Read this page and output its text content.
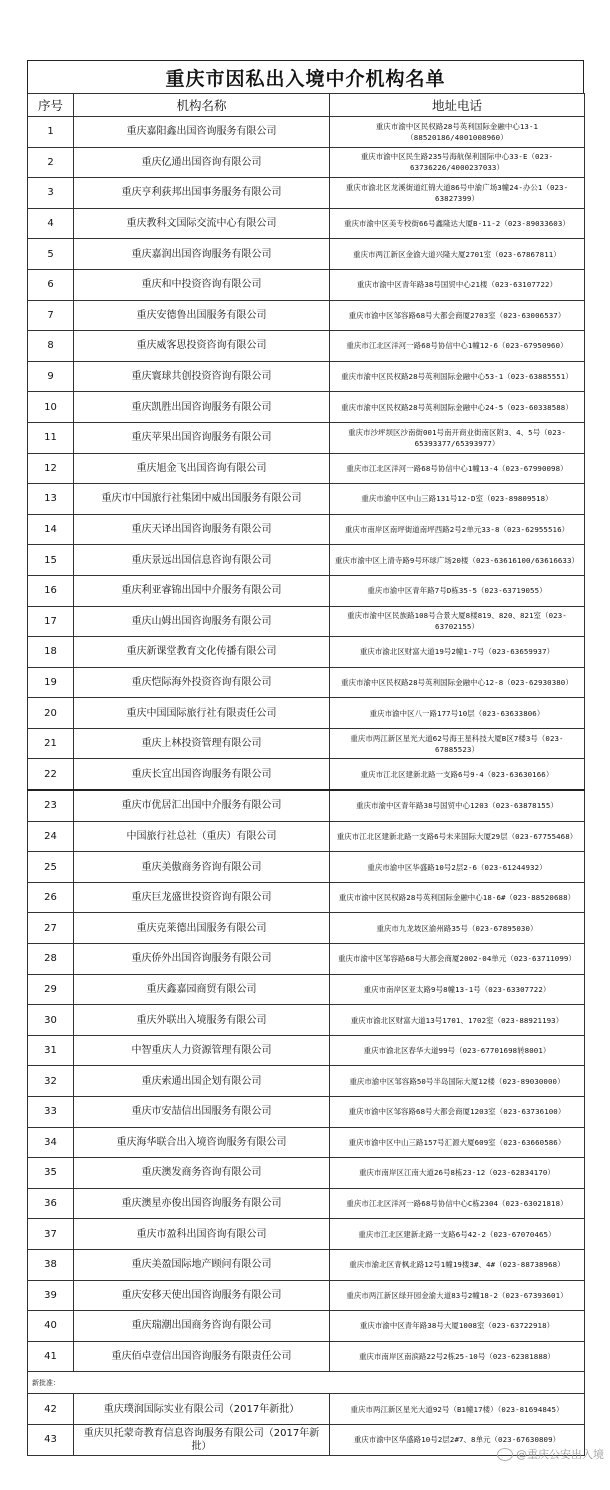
重庆市因私出入境中介机构名单
序号	机构名称	地址电话
1	重庆嘉阳鑫出国咨询服务有限公司	重庆市渝中区民权路28号英利国际金融中心13-1（88520186/4001008960）
2	重庆亿通出国咨询有限公司	重庆市渝中区民生路235号海航保利国际中心33-E（023-63736226/4000237033）
3	重庆亨利荻邦出国事务服务有限公司	重庆市渝北区龙溪街道红锦大道86号中渝广场3幢24-办公1（023-63827399）
4	重庆教科文国际交流中心有限公司	重庆市渝中区美专校街66号鑫隆达大厦B-11-2（023-89033603）
5	重庆嘉润出国咨询服务有限公司	重庆市两江新区金渝大道兴隆大厦2701室（023-67867811）
6	重庆和中投资咨询有限公司	重庆市渝中区青年路38号国贸中心21楼（023-63107722）
7	重庆安德鲁出国服务有限公司	重庆市渝中区邹容路68号大都会商厦2703室（023-63006537）
8	重庆威客思投资咨询有限公司	重庆市江北区洋河一路68号协信中心1幢12-6（023-67950960）
9	重庆寰球共创投资咨询有限公司	重庆市渝中区民权路28号英利国际金融中心53-1（023-63885551）
10	重庆凯胜出国咨询服务有限公司	重庆市渝中区民权路28号英利国际金融中心24-5（023-60338588）
11	重庆苹果出国咨询服务有限公司	重庆市沙坪坝区沙南街001号南开商业街南区附3、4、5号（023-65393377/65393977）
12	重庆旭金飞出国咨询有限公司	重庆市江北区洋河一路68号协信中心1幢13-4（023-67990098）
13	重庆市中国旅行社集团中威出国服务有限公司	重庆市渝中区中山三路131号12-D室（023-89809518）
14	重庆天译出国咨询服务有限公司	重庆市南岸区南坪街道南坪西路2号2单元33-8（023-62955516）
15	重庆景远出国信息咨询有限公司	重庆市渝中区上清寺路9号环球广场20楼（023-63616100/63616633）
16	重庆利亚睿锦出国中介服务有限公司	重庆市渝中区青年路7号D栋35-5（023-63719055）
17	重庆山姆出国咨询服务有限公司	重庆市渝中区民族路108号合景大厦8楼819、820、821室（023-63702155）
18	重庆新课堂教育文化传播有限公司	重庆市渝北区财富大道19号2幢1-7号（023-63659937）
19	重庆恺际海外投资咨询有限公司	重庆市渝中区民权路28号英利国际金融中心12-8（023-62930380）
20	重庆中国国际旅行社有限责任公司	重庆市渝中区八一路177号10层（023-63633806）
21	重庆上林投资管理有限公司	重庆市两江新区星光大道62号海王星科技大厦B区7楼3号（023-67885523）
22	重庆长宜出国咨询服务有限公司	重庆市江北区建新北路一支路6号9-4（023-63630166）
23	重庆市优居汇出国中介服务有限公司	重庆市渝中区青年路38号国贸中心1203（023-63878155）
24	中国旅行社总社（重庆）有限公司	重庆市江北区建新北路一支路6号未来国际大厦29层（023-67755468）
25	重庆美傲商务咨询有限公司	重庆市渝中区华盛路10号2层2-6（023-61244932）
26	重庆巨龙盛世投资咨询有限公司	重庆市渝中区民权路28号英利国际金融中心18-6#（023-88520688）
27	重庆克莱德出国服务有限公司	重庆市九龙坡区渝州路35号（023-67895030）
28	重庆侨外出国咨询服务有限公司	重庆市渝中区邹容路68号大都会商厦2002-04单元（023-63711099）
29	重庆鑫嘉园商贸有限公司	重庆市南岸区亚太路9号8幢13-1号（023-63307722）
30	重庆外联出入境服务有限公司	重庆市渝北区财富大道13号1701、1702室（023-88921193）
31	中智重庆人力资源管理有限公司	重庆市渝北区春华大道99号（023-67701698转8001）
32	重庆索通出国企划有限公司	重庆市渝中区邹容路50号半岛国际大厦12楼（023-89030000）
33	重庆市安喆信出国服务有限公司	重庆市渝中区邹容路68号大都会商厦1203室（023-63736100）
34	重庆海华联合出入境咨询服务有限公司	重庆市渝中区中山三路157号汇源大厦609室（023-63660586）
35	重庆澳发商务咨询有限公司	重庆市南岸区江南大道26号8栋23-12（023-62834170）
36	重庆澳星亦俊出国咨询服务有限公司	重庆市江北区洋河一路68号协信中心C栋2304（023-63021818）
37	重庆市盈科出国咨询有限公司	重庆市江北区建新北路一支路6号42-2（023-67070465）
38	重庆美盈国际地产顾问有限公司	重庆市渝北区青枫北路12号1幢19楼3#、4#（023-88738968）
39	重庆安移天使出国咨询服务有限公司	重庆市两江新区绿开园金渝大道83号2幢18-2（023-67393601）
40	重庆瑞潮出国商务咨询有限公司	重庆市渝中区青年路38号大厦1008室（023-63722918）
41	重庆佰卓壹信出国咨询服务有限责任公司	重庆市南岸区南滨路22号2栋25-10号（023-62381888）
新批准：		
42	重庆璞润国际实业有限公司（2017年新批）	重庆市两江新区星光大道92号（B1幢17楼）（023-81694845）
43	重庆贝托蒙奇教育信息咨询服务有限公司（2017年新批）	重庆市渝中区华盛路10号2层2#7、8单元（023-67630809）
@重庆公安出入境
